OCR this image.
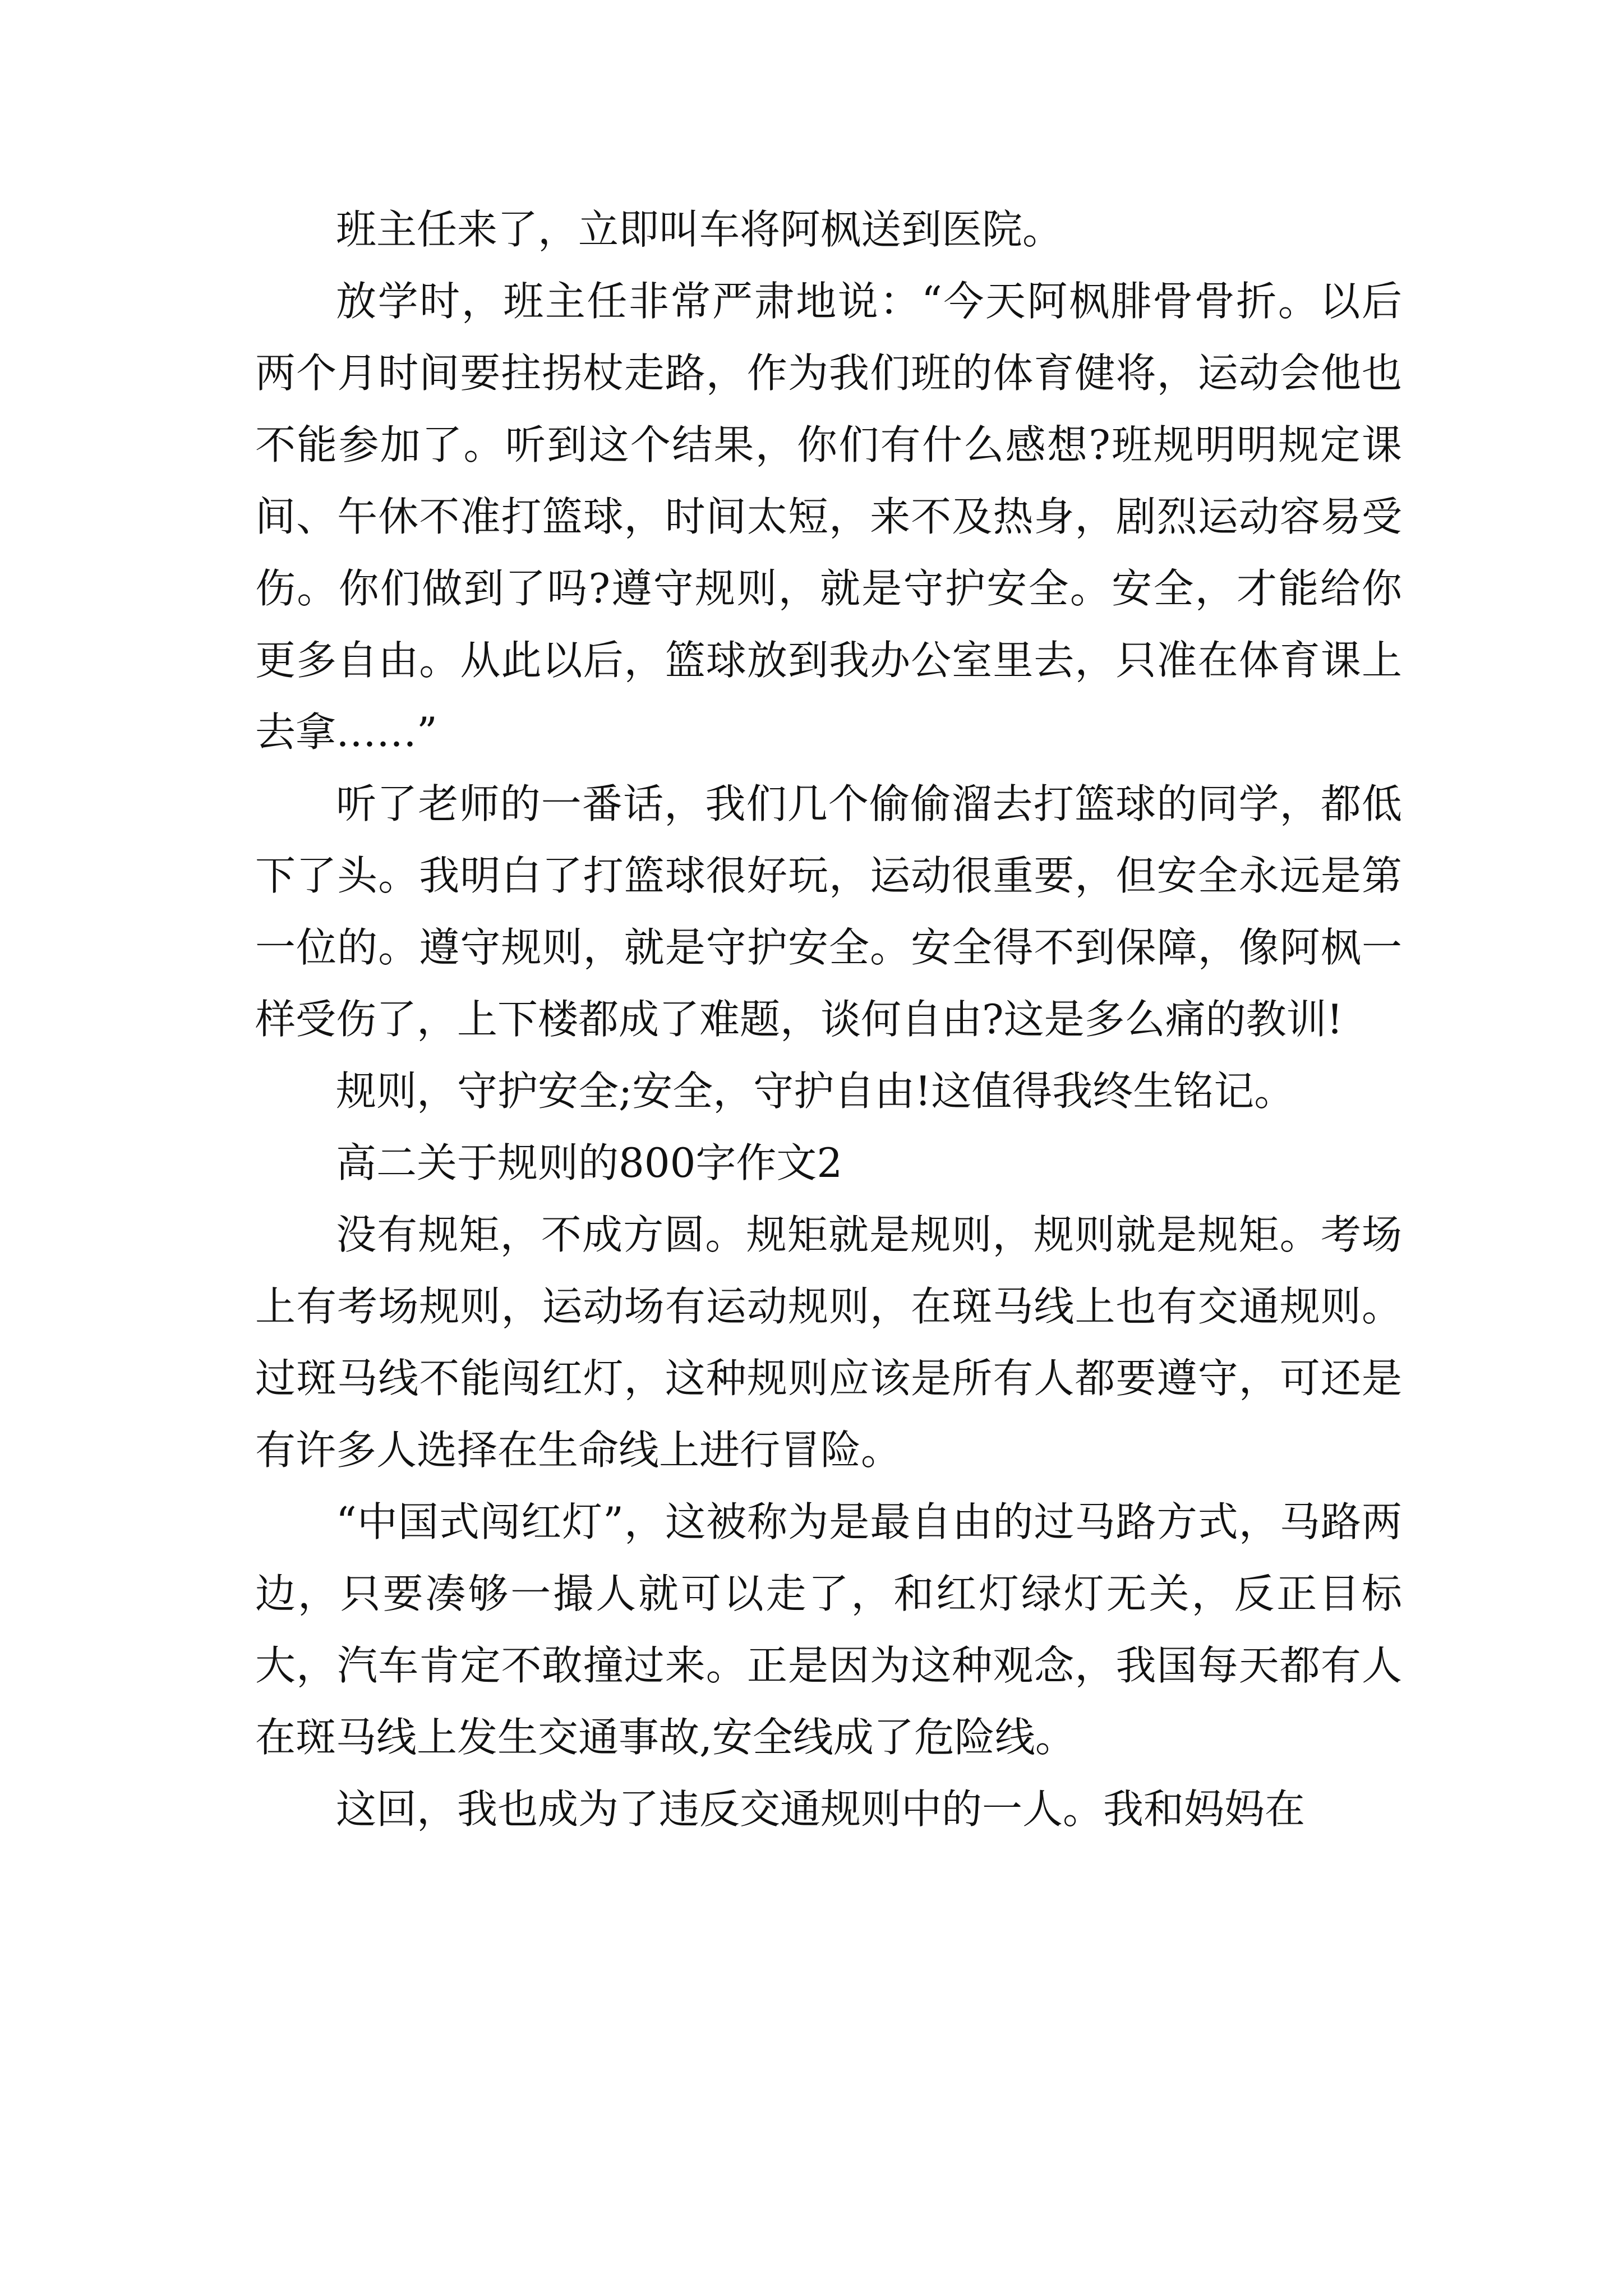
班主任来了，立即叫车将阿枫送到医院。

放学时，班主任非常严肃地说：“今天阿枫腓骨骨折。以后两个月时间要拄拐杖走路，作为我们班的体育健将，运动会他也不能参加了。听到这个结果，你们有什么感想?班规明明规定课间、午休不准打篮球，时间太短，来不及热身，剧烈运动容易受伤。你们做到了吗?遵守规则，就是守护安全。安全，才能给你更多自由。从此以后，篮球放到我办公室里去，只准在体育课上去拿……”

听了老师的一番话，我们几个偷偷溜去打篮球的同学，都低下了头。我明白了打篮球很好玩，运动很重要，但安全永远是第一位的。遵守规则，就是守护安全。安全得不到保障，像阿枫一样受伤了，上下楼都成了难题，谈何自由?这是多么痛的教训!

规则，守护安全;安全，守护自由!这值得我终生铭记。

高二关于规则的800字作文2

没有规矩，不成方圆。规矩就是规则，规则就是规矩。考场上有考场规则，运动场有运动规则，在斑马线上也有交通规则。过斑马线不能闯红灯，这种规则应该是所有人都要遵守，可还是有许多人选择在生命线上进行冒险。

“中国式闯红灯”，这被称为是最自由的过马路方式，马路两边，只要凑够一撮人就可以走了，和红灯绿灯无关，反正目标大，汽车肯定不敢撞过来。正是因为这种观念，我国每天都有人在斑马线上发生交通事故,安全线成了危险线。

这回，我也成为了违反交通规则中的一人。我和妈妈在
